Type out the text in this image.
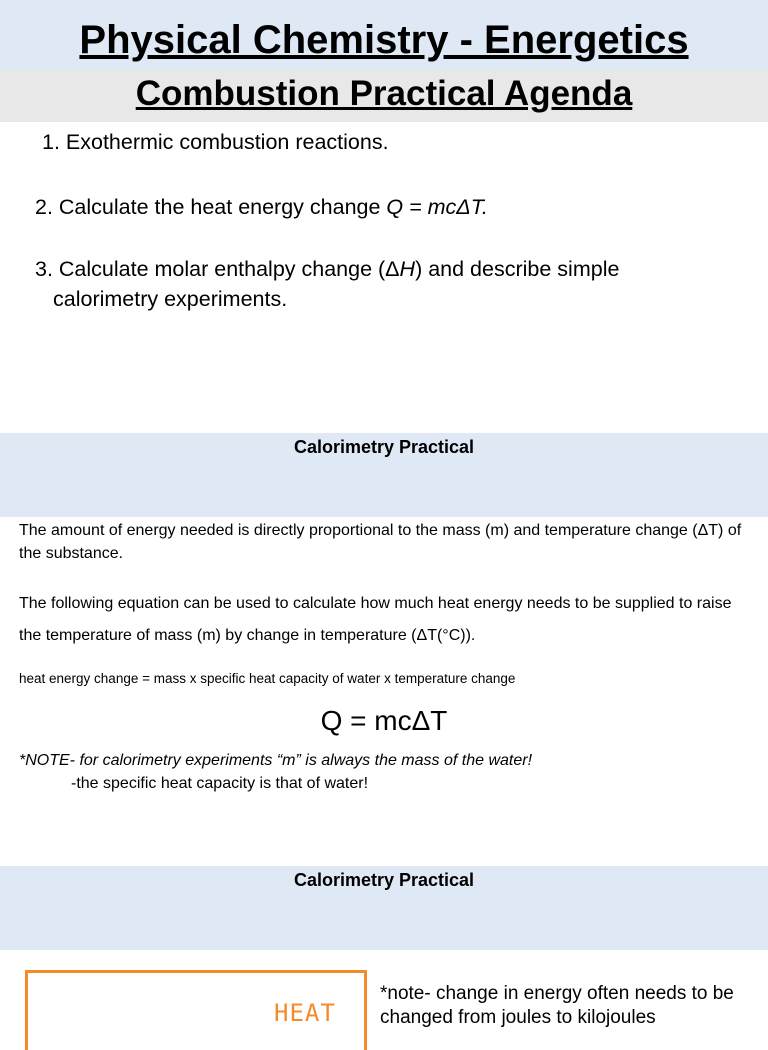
Physical Chemistry - Energetics
Combustion Practical Agenda

1. Exothermic combustion reactions.

2. Calculate the heat energy change Q = mcΔT.

3. Calculate molar enthalpy change (ΔH) and describe simple

calorimetry experiments.

Calorimetry Practical

The amount of energy needed is directly proportional to the mass (m) and temperature change (ΔT) of the substance.

The following equation can be used to calculate how much heat energy needs to be supplied to raise the temperature of mass (m) by change in temperature (ΔT(°C)).

heat energy change = mass x specific heat capacity of water x temperature change

Q = mcΔT

*NOTE- for calorimetry experiments “m” is always the mass of the water!

-the specific heat capacity is that of water!

Calorimetry Practical

HEAT

*note- change in energy often needs to be changed from joules to kilojoules
